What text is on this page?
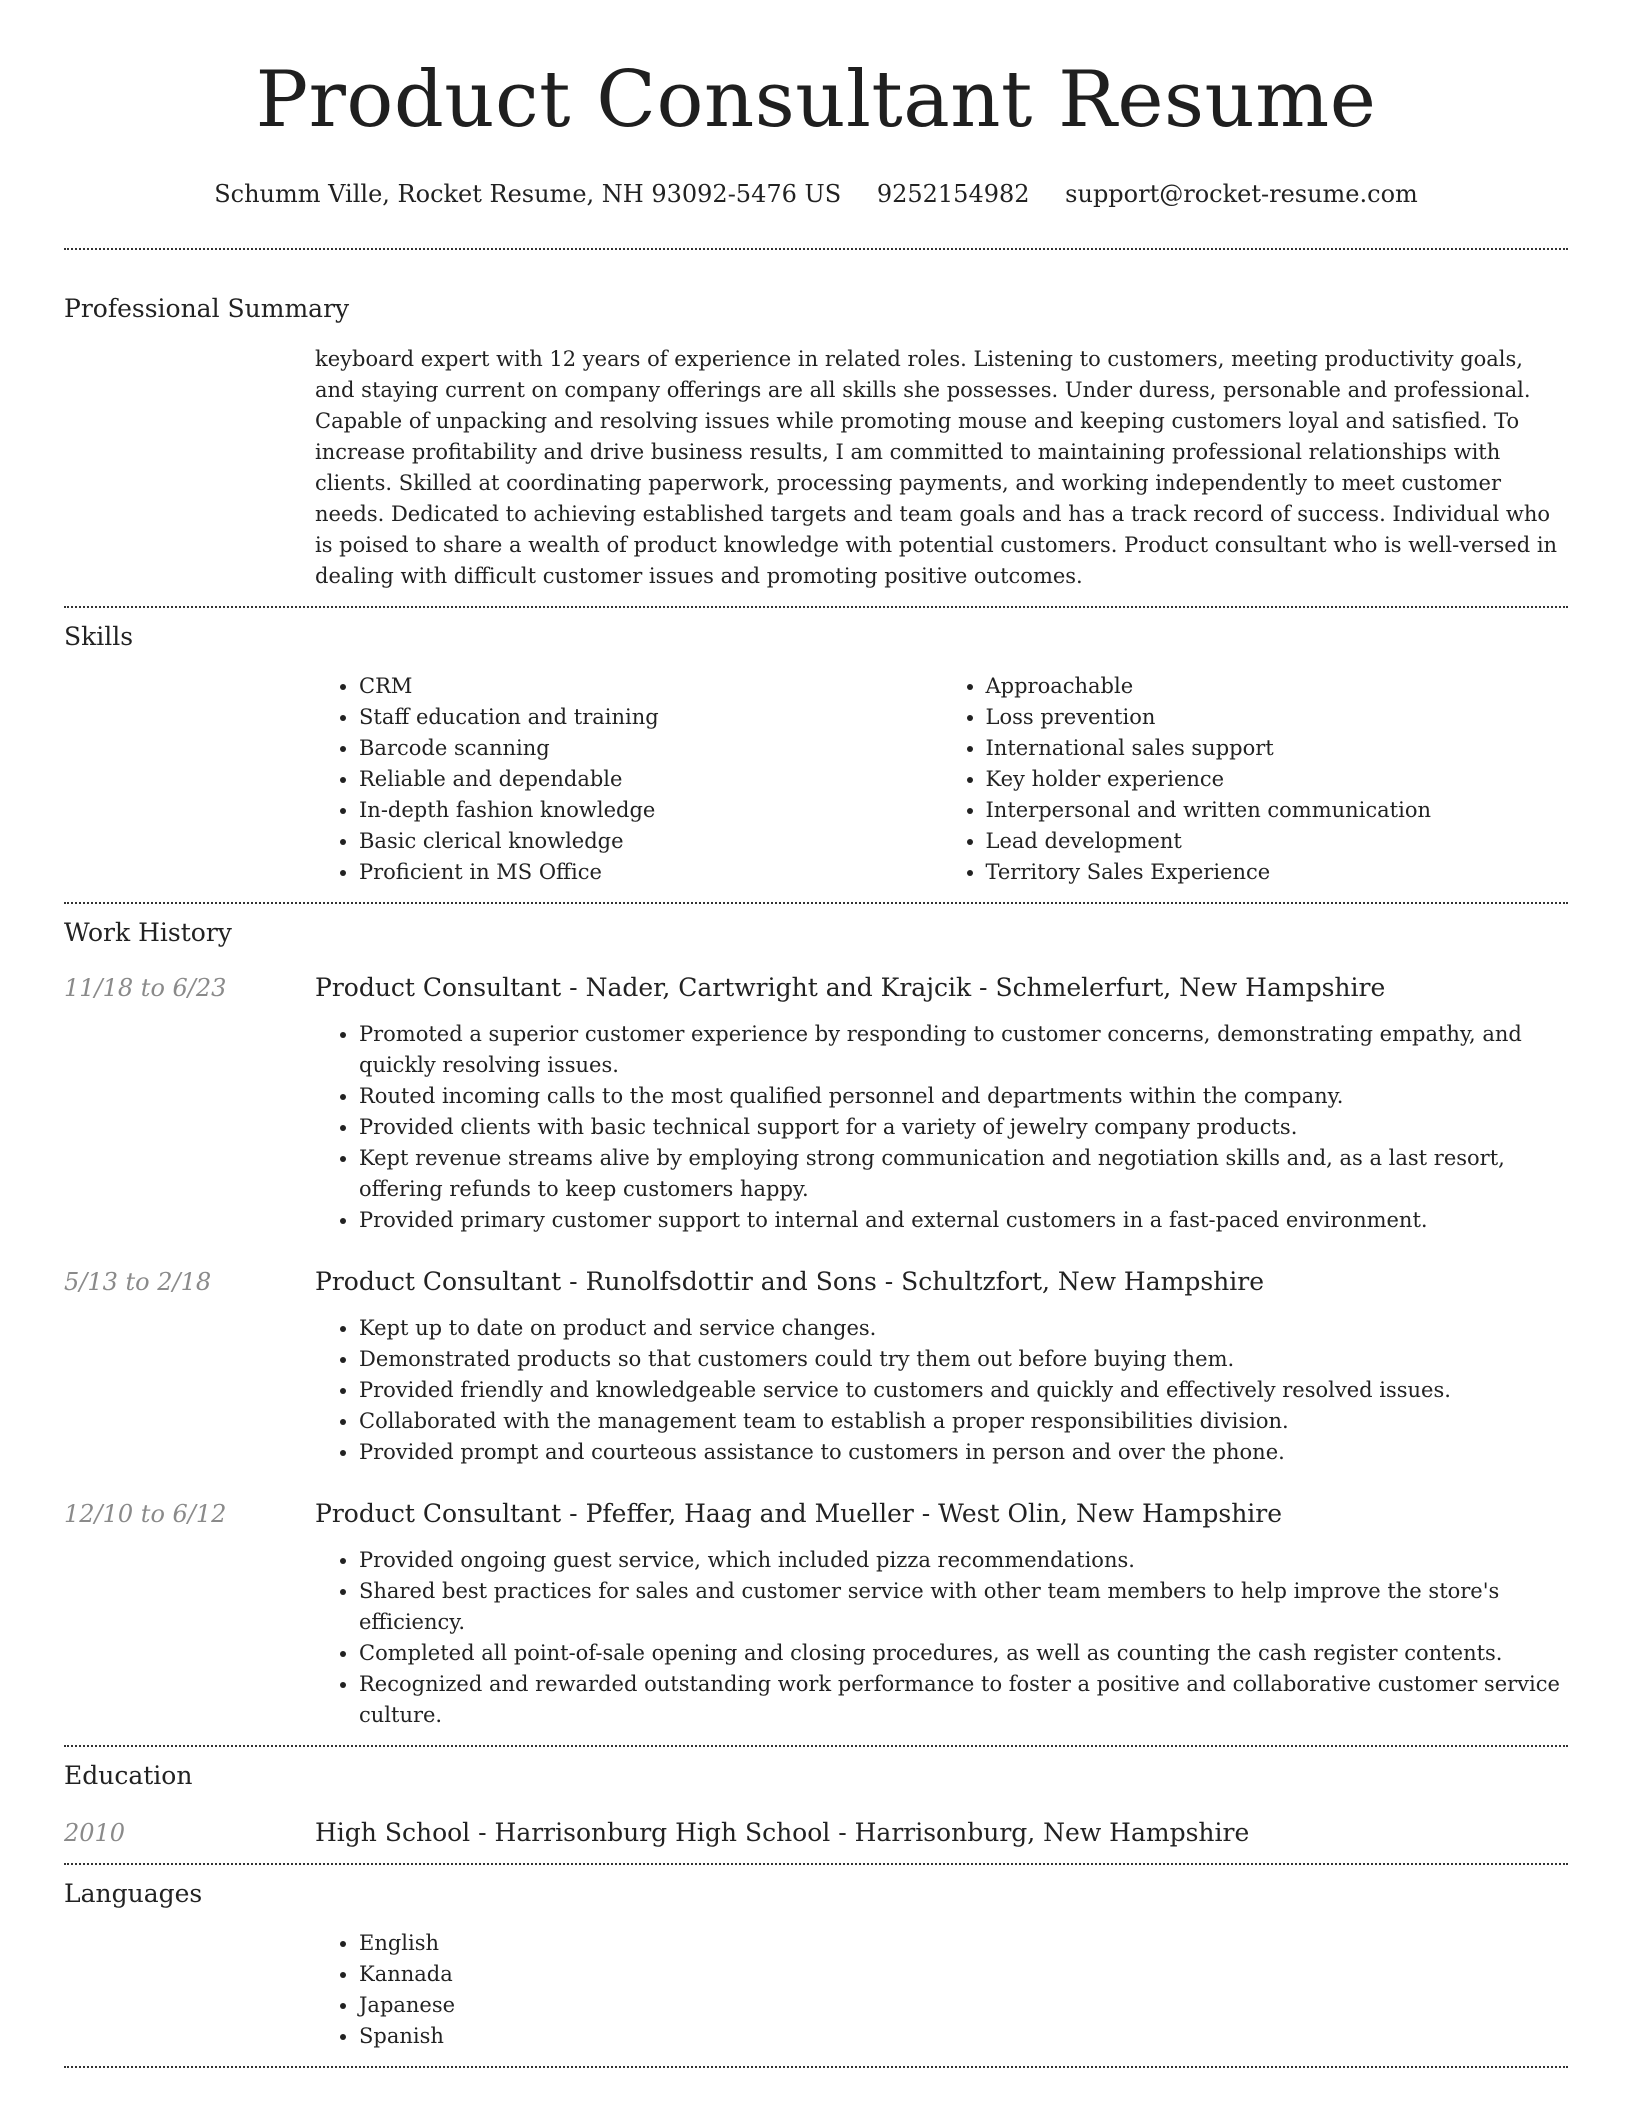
Product Consultant Resume
Schumm Ville, Rocket Resume, NH 93092-5476 US 9252154982 support@rocket-resume.com
Professional Summary

keyboard expert with 12 years of experience in related roles. Listening to customers, meeting productivity goals, and staying current on company offerings are all skills she possesses. Under duress, personable and professional. Capable of unpacking and resolving issues while promoting mouse and keeping customers loyal and satisfied. To increase profitability and drive business results, I am committed to maintaining professional relationships with clients. Skilled at coordinating paperwork, processing payments, and working independently to meet customer needs. Dedicated to achieving established targets and team goals and has a track record of success. Individual who is poised to share a wealth of product knowledge with potential customers. Product consultant who is well-versed in dealing with difficult customer issues and promoting positive outcomes.

Skills
• CRM
• Staff education and training
• Barcode scanning
• Reliable and dependable
• In-depth fashion knowledge
• Basic clerical knowledge
• Proficient in MS Office
• Approachable
• Loss prevention
• International sales support
• Key holder experience
• Interpersonal and written communication
• Lead development
• Territory Sales Experience
Work History
11/18 to 6/23	Product Consultant - Nader, Cartwright and Krajcik - Schmelerfurt, New Hampshire
• Promoted a superior customer experience by responding to customer concerns, demonstrating empathy, and quickly resolving issues.
• Routed incoming calls to the most qualified personnel and departments within the company.
• Provided clients with basic technical support for a variety of jewelry company products.
• Kept revenue streams alive by employing strong communication and negotiation skills and, as a last resort, offering refunds to keep customers happy.
• Provided primary customer support to internal and external customers in a fast-paced environment.
5/13 to 2/18	Product Consultant - Runolfsdottir and Sons - Schultzfort, New Hampshire
• Kept up to date on product and service changes.
• Demonstrated products so that customers could try them out before buying them.
• Provided friendly and knowledgeable service to customers and quickly and effectively resolved issues.
• Collaborated with the management team to establish a proper responsibilities division.
• Provided prompt and courteous assistance to customers in person and over the phone.
12/10 to 6/12	Product Consultant - Pfeffer, Haag and Mueller - West Olin, New Hampshire
• Provided ongoing guest service, which included pizza recommendations.
• Shared best practices for sales and customer service with other team members to help improve the store's efficiency.
• Completed all point-of-sale opening and closing procedures, as well as counting the cash register contents.
• Recognized and rewarded outstanding work performance to foster a positive and collaborative customer service culture.
Education
2010	High School - Harrisonburg High School - Harrisonburg, New Hampshire
Languages
• English
• Kannada
• Japanese
• Spanish
